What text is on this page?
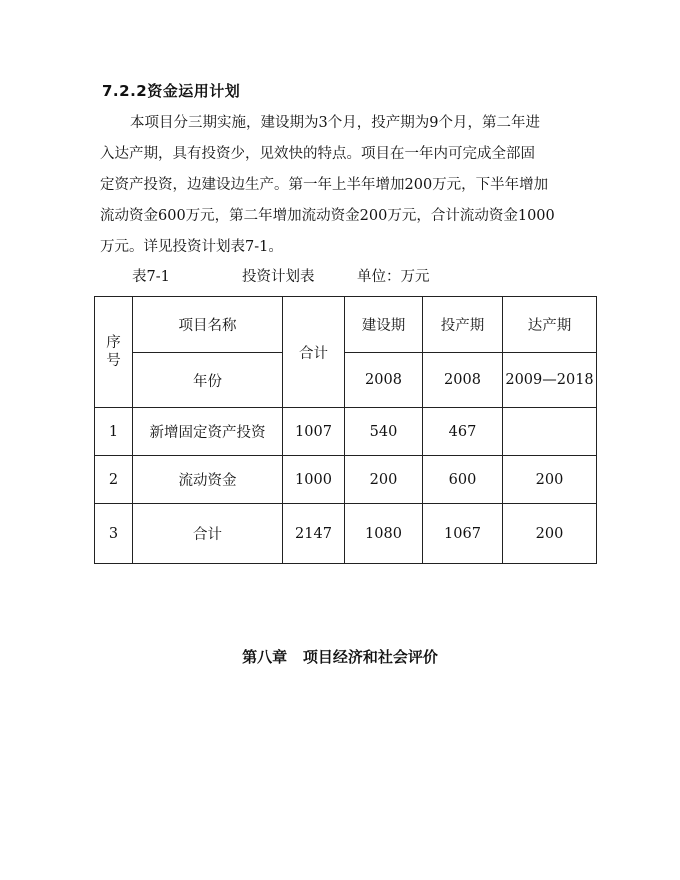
7.2.2资金运用计划
本项目分三期实施，建设期为3个月，投产期为9个月，第二年进
入达产期，具有投资少，见效快的特点。项目在一年内可完成全部固
定资产投资，边建设边生产。第一年上半年增加200万元，下半年增加
流动资金600万元，第二年增加流动资金200万元，合计流动资金1000
万元。详见投资计划表7-1。
表7-1	投资计划表	单位：万元
序
号	项目名称	合计	建设期	投产期	达产期
	年份		2008	2008	2009—2018
1	新增固定资产投资	1007	540	467	
2	流动资金	1000	200	600	200
3	合计	2147	1080	1067	200
第八章   项目经济和社会评价
